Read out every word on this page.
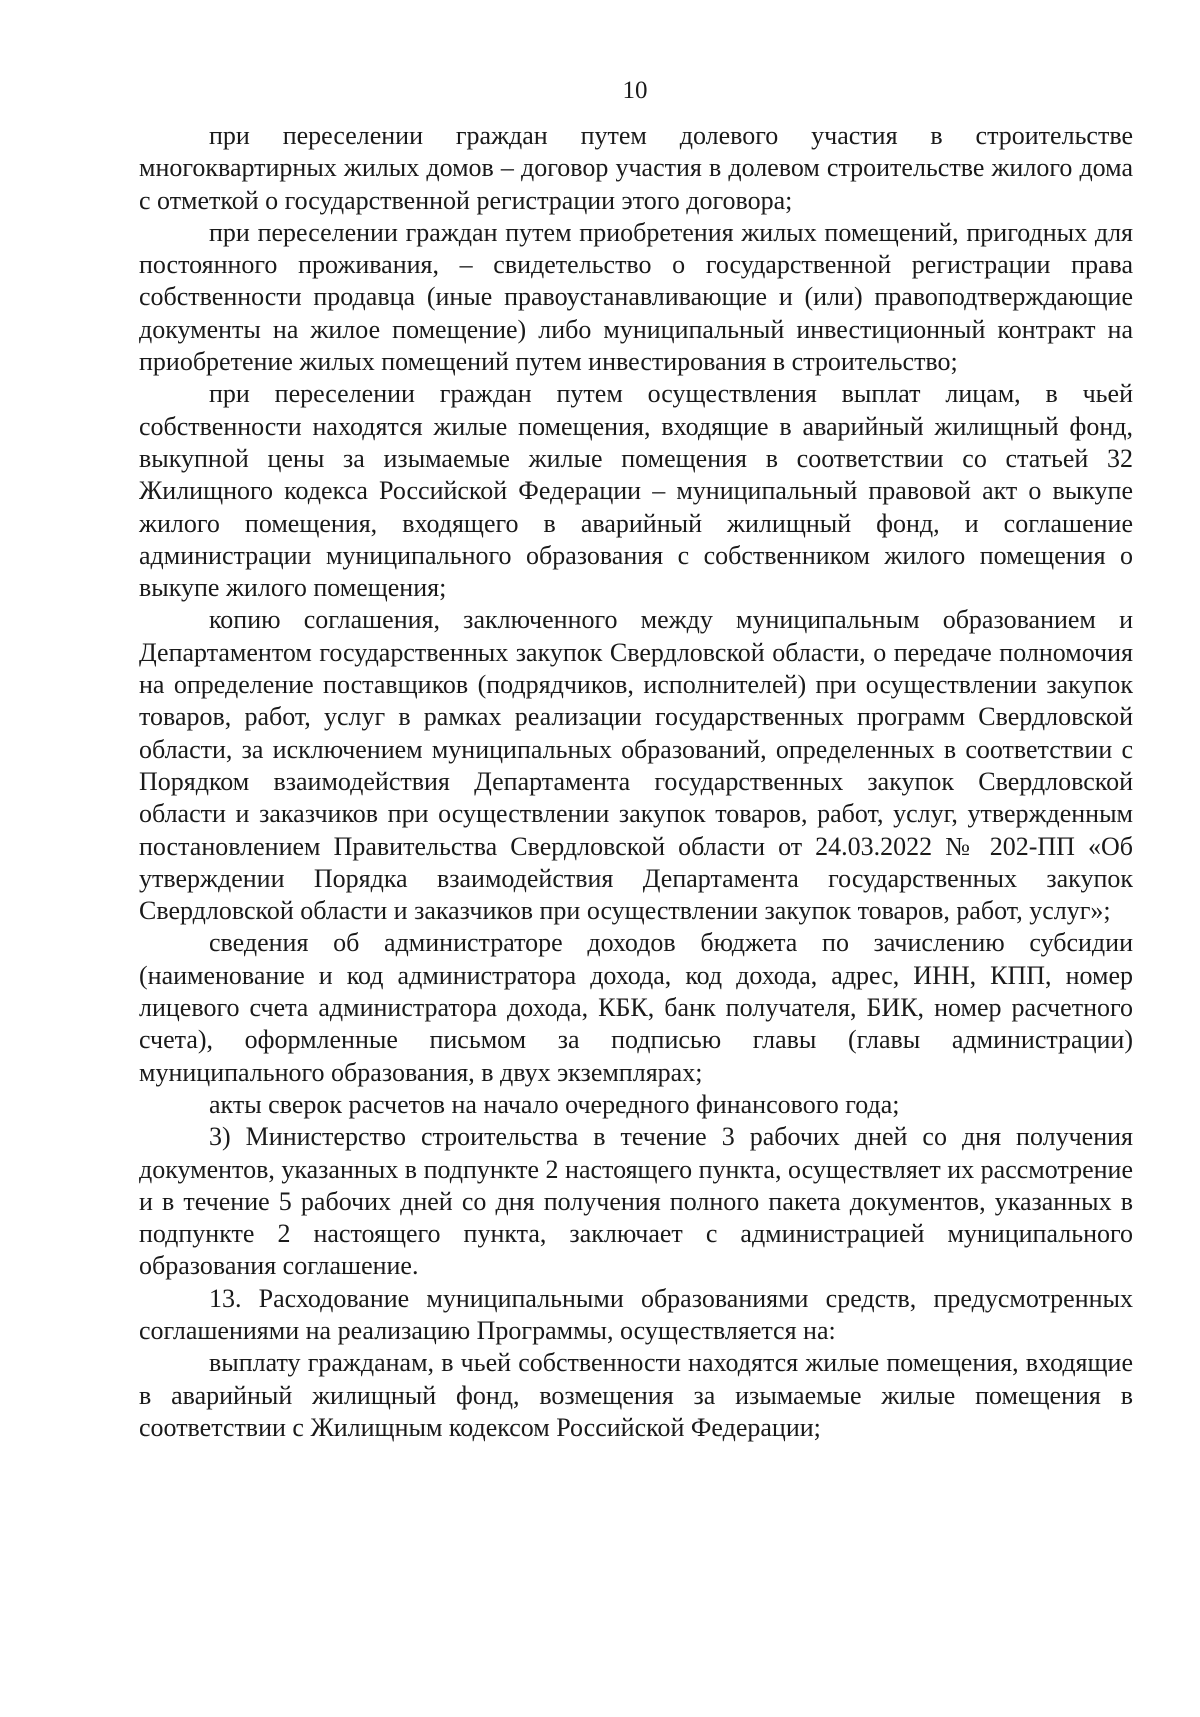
10

при переселении граждан путем долевого участия в строительстве многоквартирных жилых домов – договор участия в долевом строительстве жилого дома с отметкой о государственной регистрации этого договора;

при переселении граждан путем приобретения жилых помещений, пригодных для постоянного проживания, – свидетельство о государственной регистрации права собственности продавца (иные правоустанавливающие и (или) правоподтверждающие документы на жилое помещение) либо муниципальный инвестиционный контракт на приобретение жилых помещений путем инвестирования в строительство;

при переселении граждан путем осуществления выплат лицам, в чьей собственности находятся жилые помещения, входящие в аварийный жилищный фонд, выкупной цены за изымаемые жилые помещения в соответствии со статьей 32 Жилищного кодекса Российской Федерации – муниципальный правовой акт о выкупе жилого помещения, входящего в аварийный жилищный фонд, и соглашение администрации муниципального образования с собственником жилого помещения о выкупе жилого помещения;

копию соглашения, заключенного между муниципальным образованием и Департаментом государственных закупок Свердловской области, о передаче полномочия на определение поставщиков (подрядчиков, исполнителей) при осуществлении закупок товаров, работ, услуг в рамках реализации государственных программ Свердловской области, за исключением муниципальных образований, определенных в соответствии с Порядком взаимодействия Департамента государственных закупок Свердловской области и заказчиков при осуществлении закупок товаров, работ, услуг, утвержденным постановлением Правительства Свердловской области от 24.03.2022 № 202-ПП «Об утверждении Порядка взаимодействия Департамента государственных закупок Свердловской области и заказчиков при осуществлении закупок товаров, работ, услуг»;

сведения об администраторе доходов бюджета по зачислению субсидии (наименование и код администратора дохода, код дохода, адрес, ИНН, КПП, номер лицевого счета администратора дохода, КБК, банк получателя, БИК, номер расчетного счета), оформленные письмом за подписью главы (главы администрации) муниципального образования, в двух экземплярах;

акты сверок расчетов на начало очередного финансового года;

3) Министерство строительства в течение 3 рабочих дней со дня получения документов, указанных в подпункте 2 настоящего пункта, осуществляет их рассмотрение и в течение 5 рабочих дней со дня получения полного пакета документов, указанных в подпункте 2 настоящего пункта, заключает с администрацией муниципального образования соглашение.

13. Расходование муниципальными образованиями средств, предусмотренных соглашениями на реализацию Программы, осуществляется на:

выплату гражданам, в чьей собственности находятся жилые помещения, входящие в аварийный жилищный фонд, возмещения за изымаемые жилые помещения в соответствии с Жилищным кодексом Российской Федерации;
